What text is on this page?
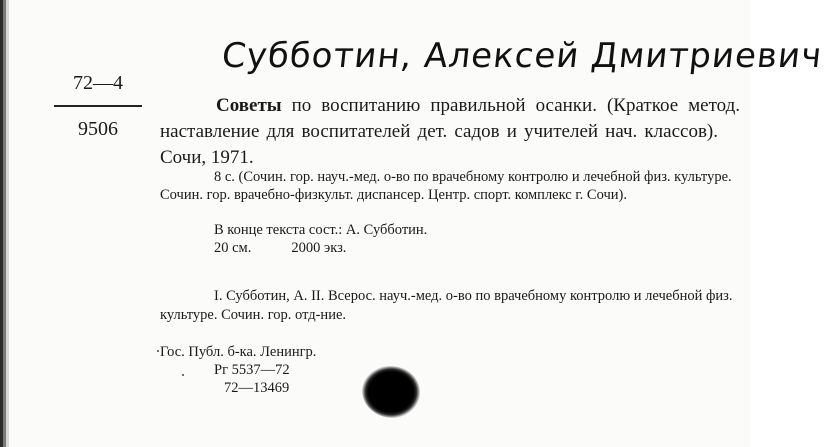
Субботин, Алексей Дмитриевич
72—4
9506
Советы по воспитанию правильной осанки. (Краткое метод. наставление для воспитателей дет. садов и учителей нач. классов).Сочи, 1971.
8 с. (Сочин. гор. науч.-мед. о-во по врачебному контролю и лечебной физ. культуре. Сочин. гор. врачебно-физкульт. диспансер. Центр. спорт. комплекс г. Сочи).
В конце текста сост.: А. Субботин.
20 см.	2000 экз.
I. Субботин, А. II. Всерос. науч.-мед. о-во по врачебному контролю и лечебной физ. культуре. Сочин. гор. отд-ние.
Гос. Публ. б-ка. Ленингр.
Рг 5537—72
72—13469
